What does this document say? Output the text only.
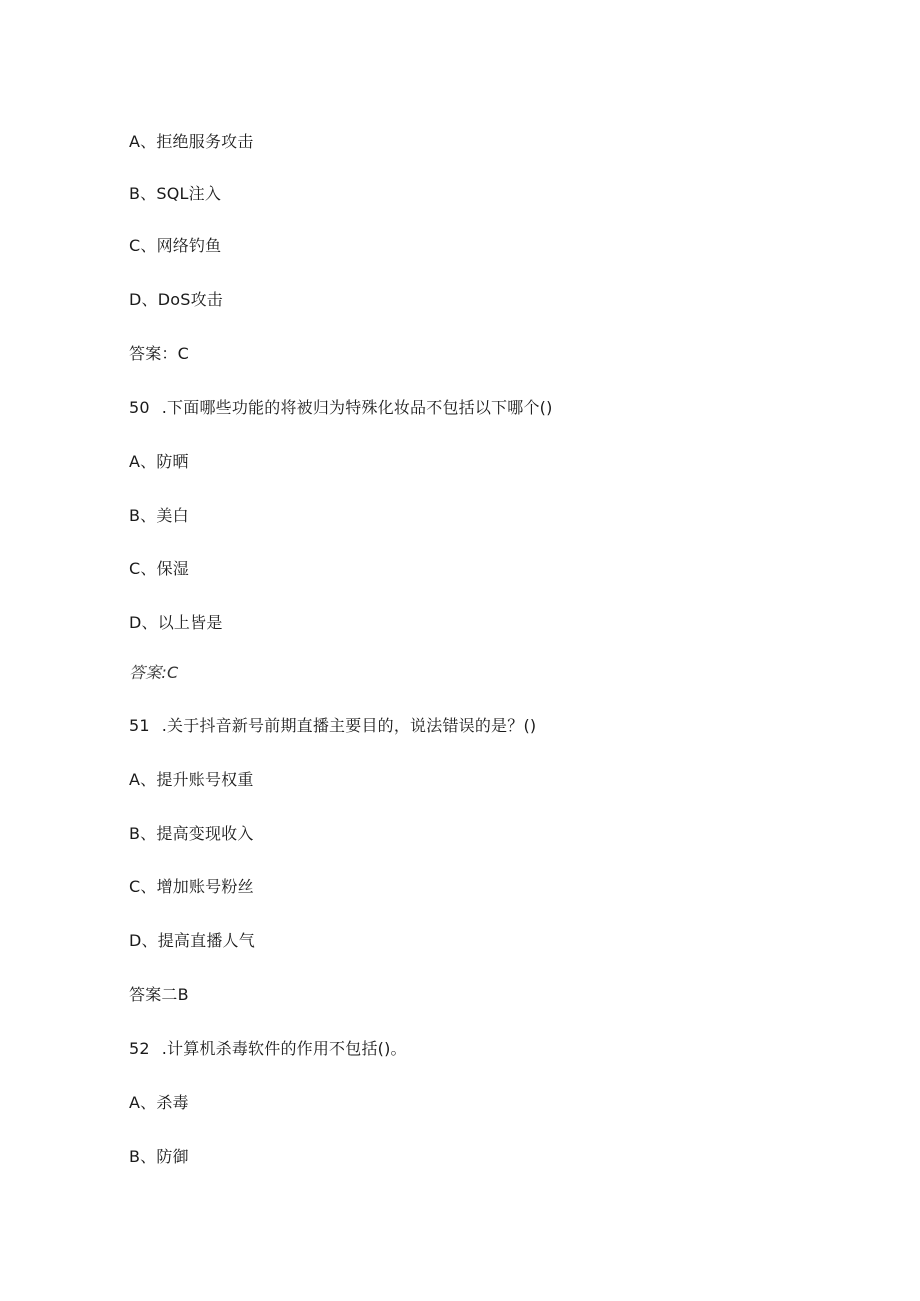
A、拒绝服务攻击
B、SQL注入
C、网络钓鱼
D、DoS攻击
答案：C
50 .下面哪些功能的将被归为特殊化妆品不包括以下哪个()
A、防晒
B、美白
C、保湿
D、以上皆是
答案:C
51 .关于抖音新号前期直播主要目的，说法错误的是？()
A、提升账号权重
B、提高变现收入
C、增加账号粉丝
D、提高直播人气
答案二B
52 .计算机杀毒软件的作用不包括()。
A、杀毒
B、防御
